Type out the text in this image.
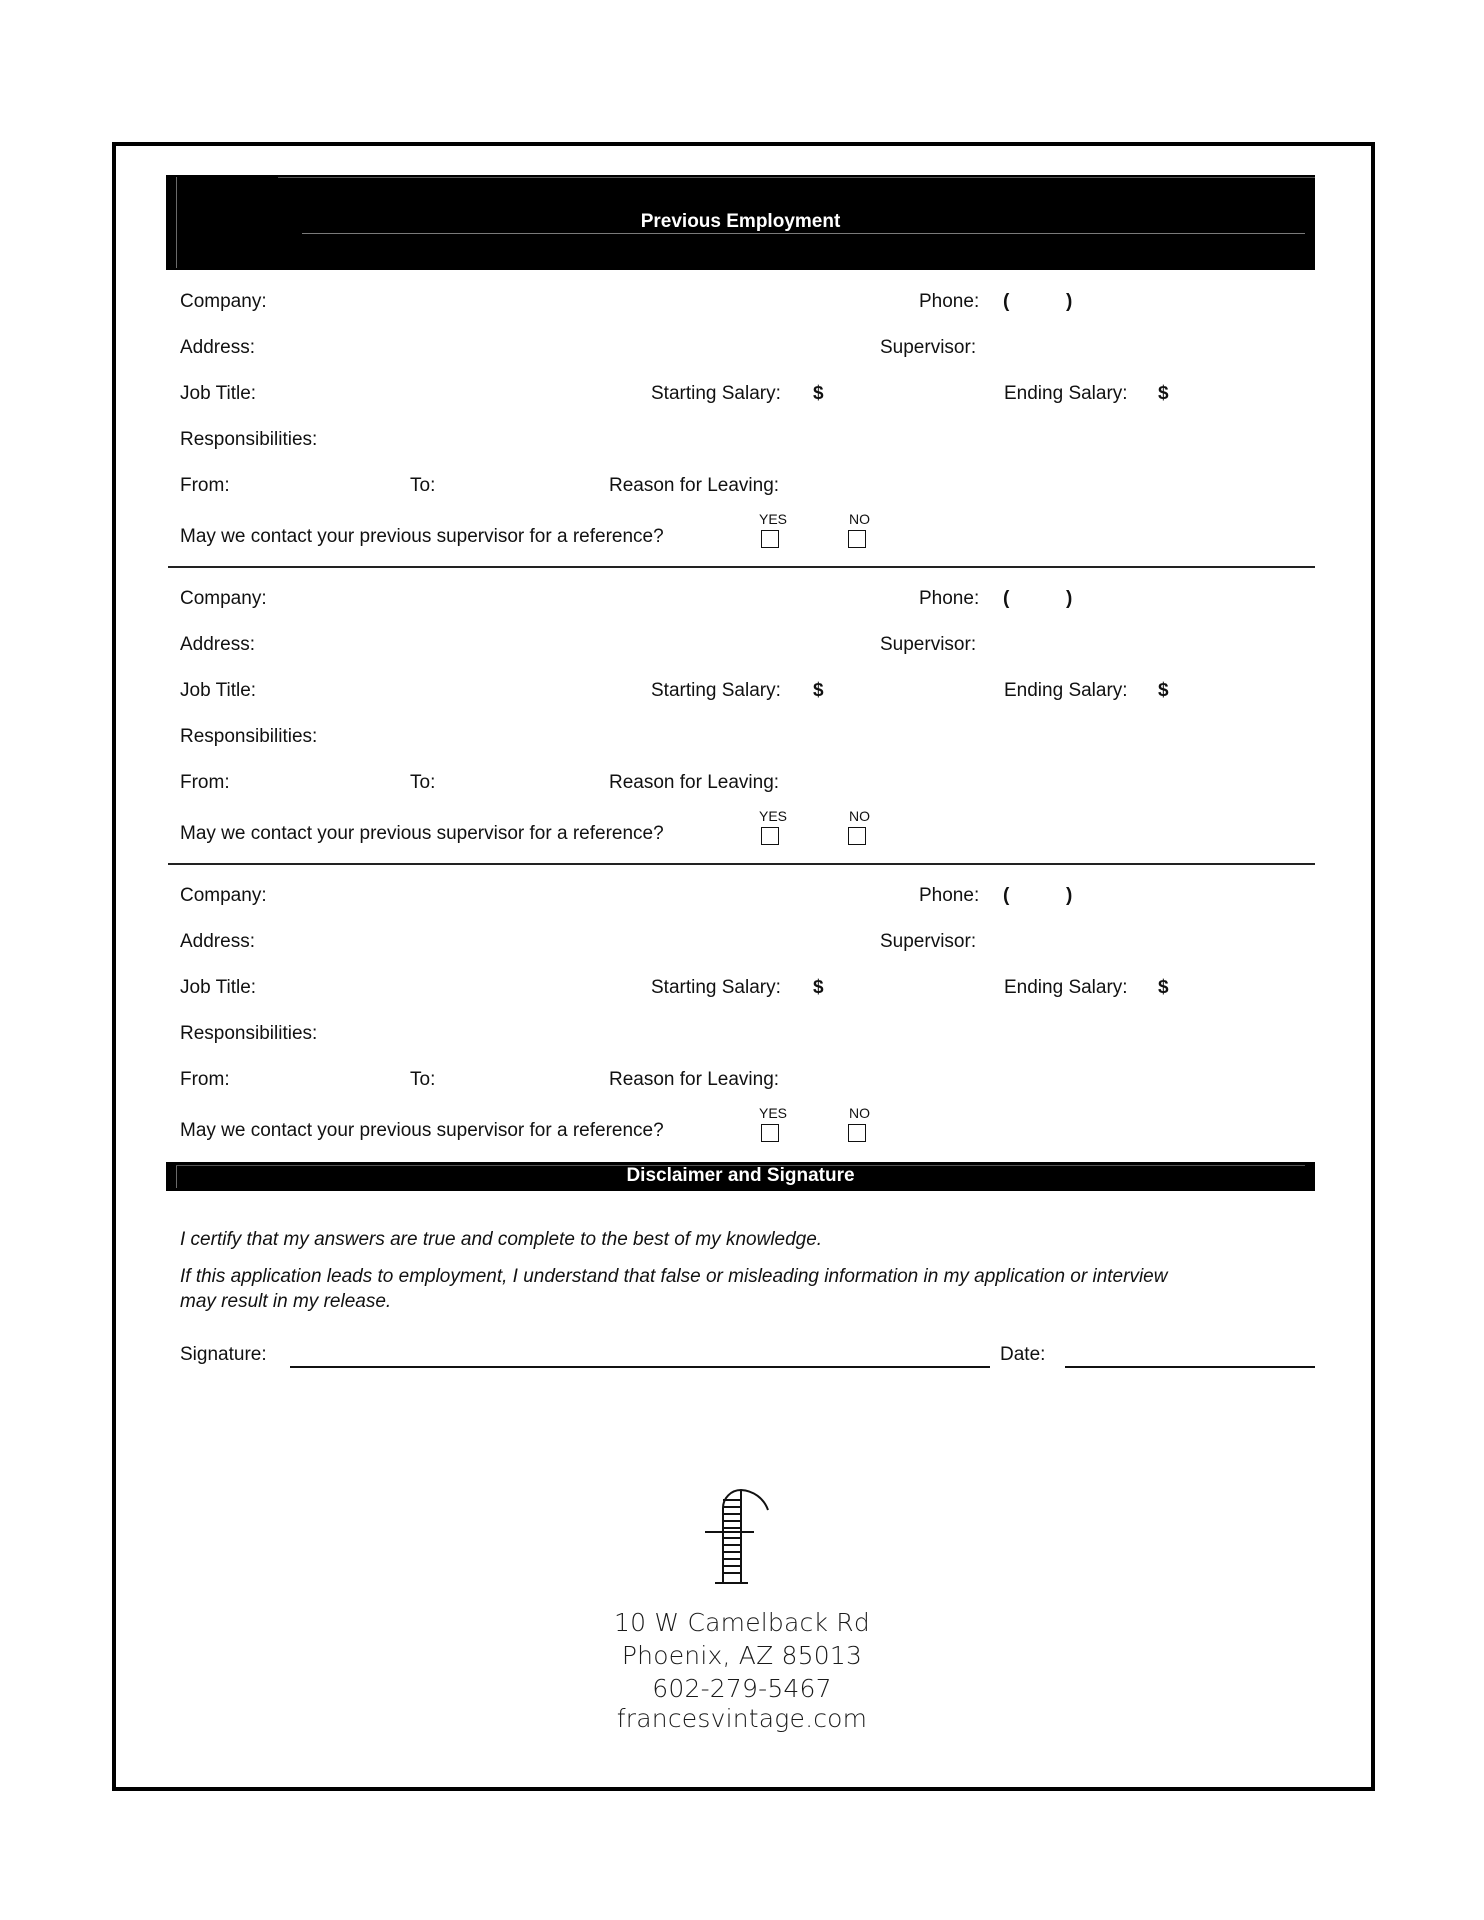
Previous Employment
Company:	Phone: (	)
Address:	Supervisor:
Job Title:	Starting Salary: $	Ending Salary: $
Responsibilities:
From:	To:	Reason for Leaving:
May we contact your previous supervisor for a reference?
YES	NO
Company:	Phone: (	)
Address:	Supervisor:
Job Title:	Starting Salary: $	Ending Salary: $
Responsibilities:
From:	To:	Reason for Leaving:
May we contact your previous supervisor for a reference?
YES	NO
Company:	Phone: (	)
Address:	Supervisor:
Job Title:	Starting Salary: $	Ending Salary: $
Responsibilities:
From:	To:	Reason for Leaving:
May we contact your previous supervisor for a reference?
YES	NO
Disclaimer and Signature
I certify that my answers are true and complete to the best of my knowledge.
If this application leads to employment, I understand that false or misleading information in my application or interview
may result in my release.
Signature:	Date:
10 W Camelback Rd
Phoenix, AZ 85013
602-279-5467
francesvintage.com
